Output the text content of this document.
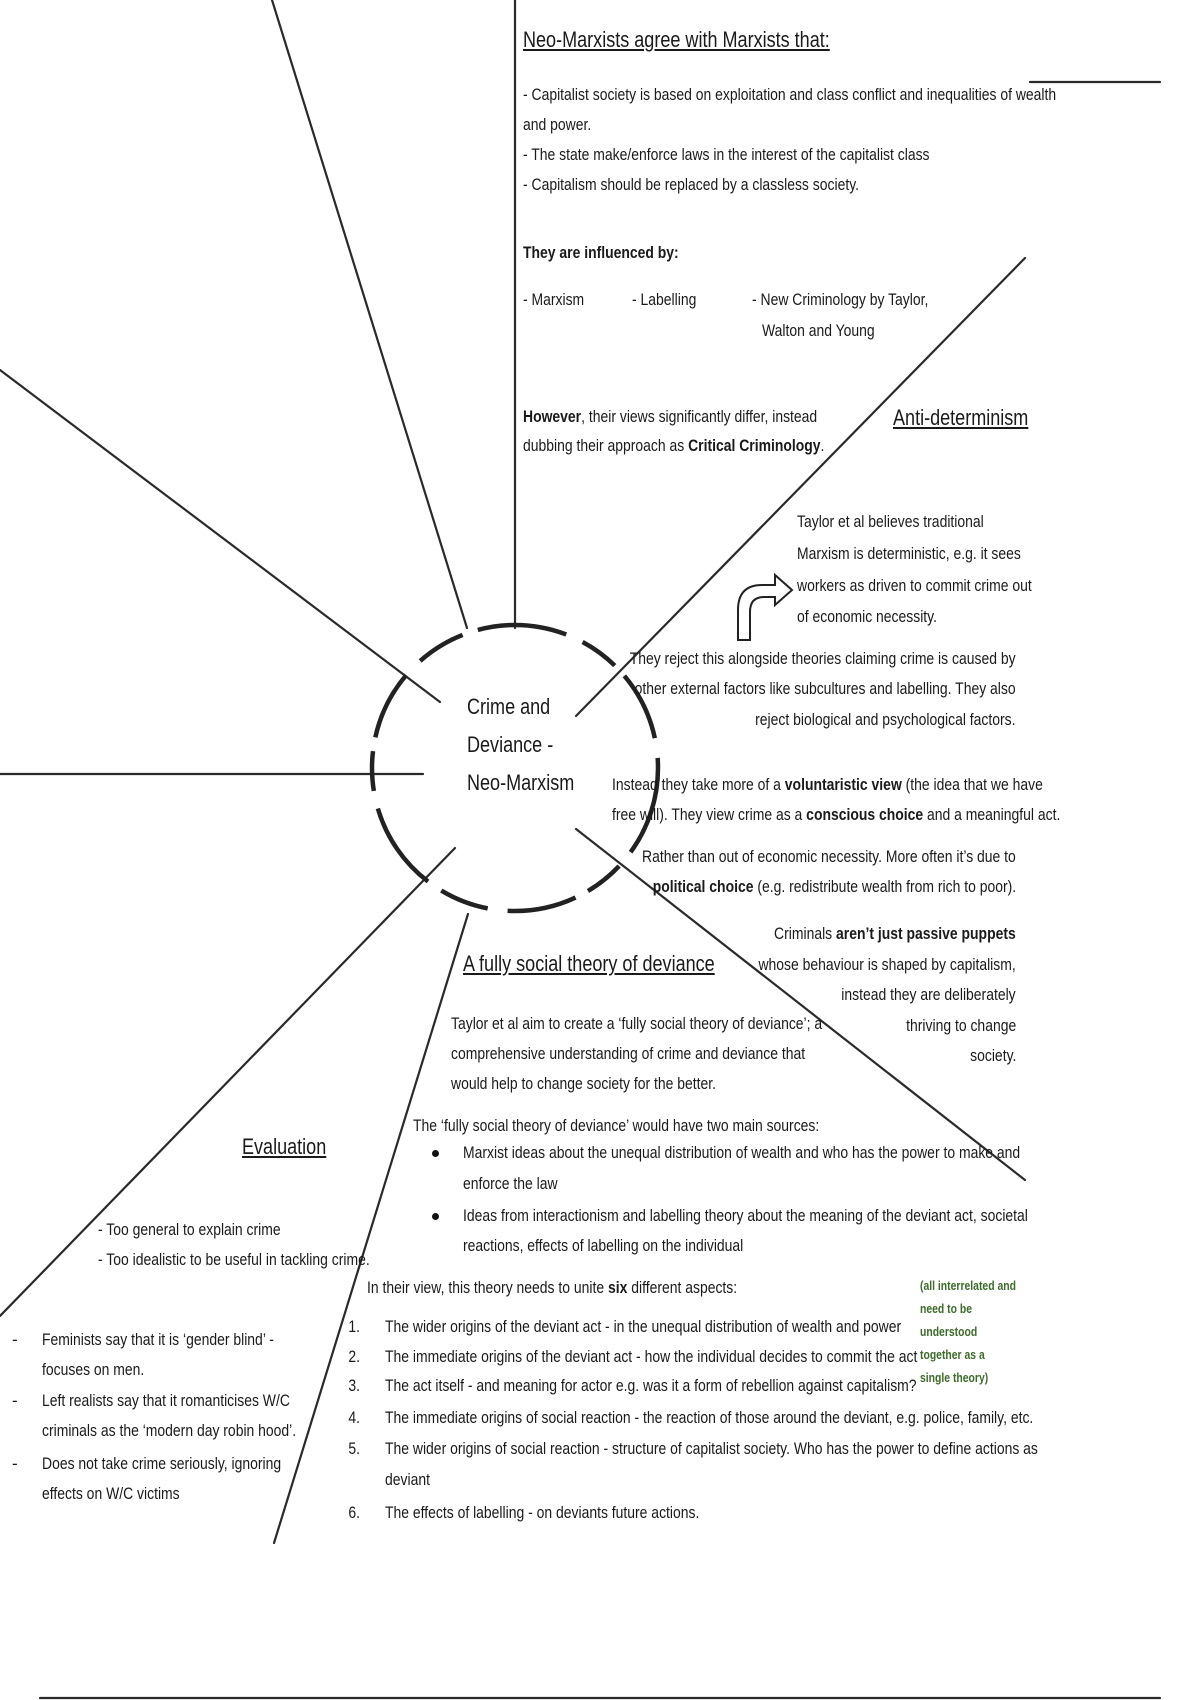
Crime and
Deviance -
Neo-Marxism
Neo-Marxists agree with Marxists that:
- Capitalist society is based on exploitation and class conflict and inequalities of wealth
and power.
- The state make/enforce laws in the interest of the capitalist class
- Capitalism should be replaced by a classless society.
They are influenced by:
- Marxism	- Labelling	- New Criminology by Taylor,
Walton and Young
However, their views significantly differ, instead
dubbing their approach as Critical Criminology.
Anti-determinism
Taylor et al believes traditional
Marxism is deterministic, e.g. it sees
workers as driven to commit crime out
of economic necessity.
They reject this alongside theories claiming crime is caused by
other external factors like subcultures and labelling. They also
reject biological and psychological factors.
Instead they take more of a voluntaristic view (the idea that we have
free will). They view crime as a conscious choice and a meaningful act.
Rather than out of economic necessity. More often it’s due to
political choice (e.g. redistribute wealth from rich to poor).
Criminals aren’t just passive puppets
whose behaviour is shaped by capitalism,
instead they are deliberately
thriving to change
society.
A fully social theory of deviance
Taylor et al aim to create a ‘fully social theory of deviance’; a
comprehensive understanding of crime and deviance that
would help to change society for the better.
The ‘fully social theory of deviance’ would have two main sources:
Marxist ideas about the unequal distribution of wealth and who has the power to make and
enforce the law
Ideas from interactionism and labelling theory about the meaning of the deviant act, societal
reactions, effects of labelling on the individual
In their view, this theory needs to unite six different aspects:
1. The wider origins of the deviant act - in the unequal distribution of wealth and power
2. The immediate origins of the deviant act - how the individual decides to commit the act
3. The act itself - and meaning for actor e.g. was it a form of rebellion against capitalism?
4. The immediate origins of social reaction - the reaction of those around the deviant, e.g. police, family, etc.
5. The wider origins of social reaction - structure of capitalist society. Who has the power to define actions as
deviant
6. The effects of labelling - on deviants future actions.
(all interrelated and
need to be
understood
together as a
single theory)
Evaluation
- Too general to explain crime
- Too idealistic to be useful in tackling crime.
- Feminists say that it is ‘gender blind’ -
focuses on men.
- Left realists say that it romanticises W/C
criminals as the ‘modern day robin hood’.
- Does not take crime seriously, ignoring
effects on W/C victims
